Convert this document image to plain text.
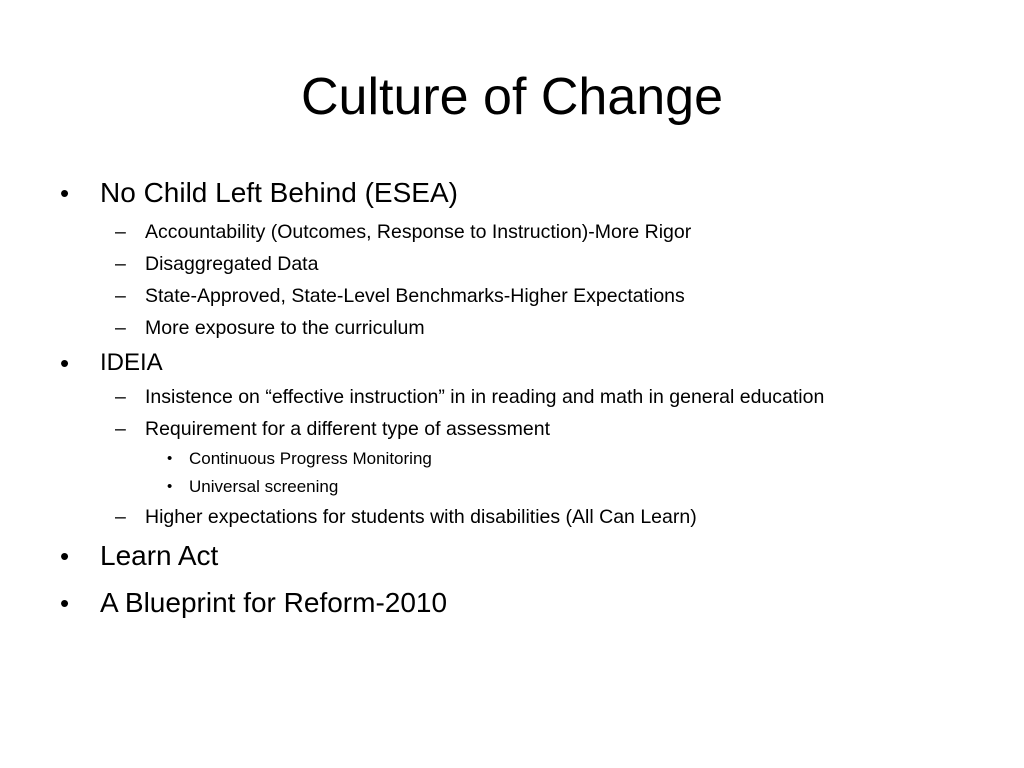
Culture of Change
• No Child Left Behind (ESEA)
– Accountability (Outcomes, Response to Instruction)-More Rigor
– Disaggregated Data
– State-Approved, State-Level Benchmarks-Higher Expectations
– More exposure to the curriculum
• IDEIA
– Insistence on “effective instruction” in in reading and math in general education
– Requirement for a different type of assessment
• Continuous Progress Monitoring
• Universal screening
– Higher expectations for students with disabilities (All Can Learn)
• Learn Act
• A Blueprint for Reform-2010
